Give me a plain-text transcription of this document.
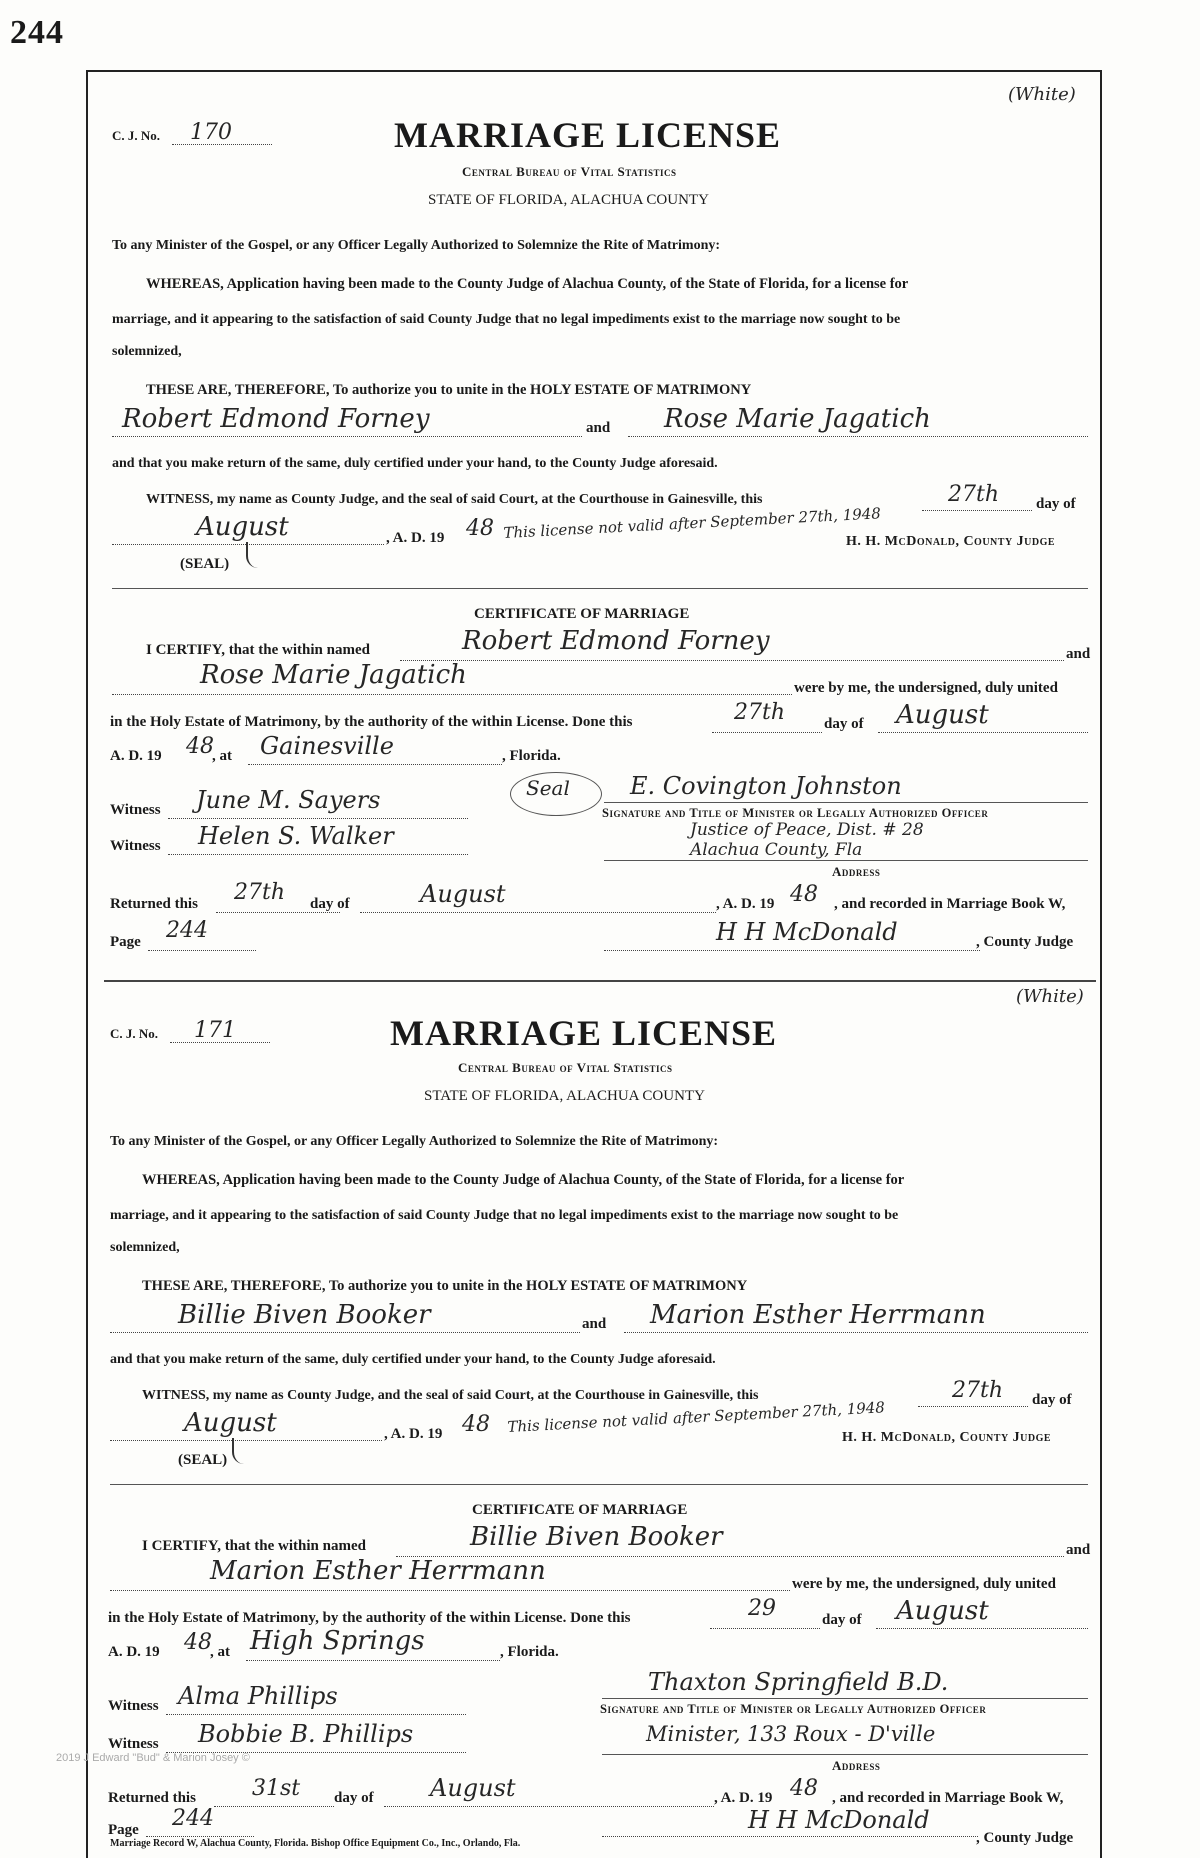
244
(White)
C. J. No. 170	MARRIAGE LICENSE
Central Bureau of Vital Statistics
STATE OF FLORIDA, ALACHUA COUNTY
To any Minister of the Gospel, or any Officer Legally Authorized to Solemnize the Rite of Matrimony:
WHEREAS, Application having been made to the County Judge of Alachua County, of the State of Florida, for a license for
marriage, and it appearing to the satisfaction of said County Judge that no legal impediments exist to the marriage now sought to be
solemnized,
THESE ARE, THEREFORE, To authorize you to unite in the HOLY ESTATE OF MATRIMONY
Robert Edmond Forney	and Rose Marie Jagatich
and that you make return of the same, duly certified under your hand, to the County Judge aforesaid.
WITNESS, my name as County Judge, and the seal of said Court, at the Courthouse in Gainesville, this	27th day of
August	, A. D. 19 48 This license not valid after September 27th, 1948
H. H. McDonald, County Judge
(SEAL)
CERTIFICATE OF MARRIAGE
I CERTIFY, that the within named	Robert Edmond Forney	and
Rose Marie Jagatich	were by me, the undersigned, duly united
in the Holy Estate of Matrimony, by the authority of the within License. Done this	27th	day of August
A. D. 19 48
, at Gainesville	, Florida.
Witness June M. Sayers	Seal	E. Covington Johnston
Signature and Title of Minister or Legally Authorized Officer
Witness Helen S. Walker	Justice of Peace, Dist. # 28
Alachua County, Fla
Address
Returned this 27th day of	August	, A. D. 19 48 , and recorded in Marriage Book W,
Page 244	H H McDonald	, County Judge
(White)
C. J. No. 171	MARRIAGE LICENSE
Central Bureau of Vital Statistics
STATE OF FLORIDA, ALACHUA COUNTY
To any Minister of the Gospel, or any Officer Legally Authorized to Solemnize the Rite of Matrimony:
WHEREAS, Application having been made to the County Judge of Alachua County, of the State of Florida, for a license for
marriage, and it appearing to the satisfaction of said County Judge that no legal impediments exist to the marriage now sought to be
solemnized,
THESE ARE, THEREFORE, To authorize you to unite in the HOLY ESTATE OF MATRIMONY
Billie Biven Booker	and Marion Esther Herrmann
and that you make return of the same, duly certified under your hand, to the County Judge aforesaid.
WITNESS, my name as County Judge, and the seal of said Court, at the Courthouse in Gainesville, this	27th day of
August	, A. D. 19 48 This license not valid after September 27th, 1948
H. H. McDonald, County Judge
(SEAL)
CERTIFICATE OF MARRIAGE
I CERTIFY, that the within named	Billie Biven Booker	and
Marion Esther Herrmann	were by me, the undersigned, duly united
in the Holy Estate of Matrimony, by the authority of the within License. Done this	29	day of August
A. D. 19 48
, at High Springs	, Florida.
Witness Alma Phillips	Thaxton Springfield B.D.
Signature and Title of Minister or Legally Authorized Officer
Witness Bobbie B. Phillips	Minister, 133 Roux - D'ville
Address
Returned this	31st day of August	, A. D. 19 48 , and recorded in Marriage Book W,
Page 244	H H McDonald
, County Judge
2019 J Edward "Bud" & Marion Josey ©
Marriage Record W, Alachua County, Florida. Bishop Office Equipment Co., Inc., Orlando, Fla.
